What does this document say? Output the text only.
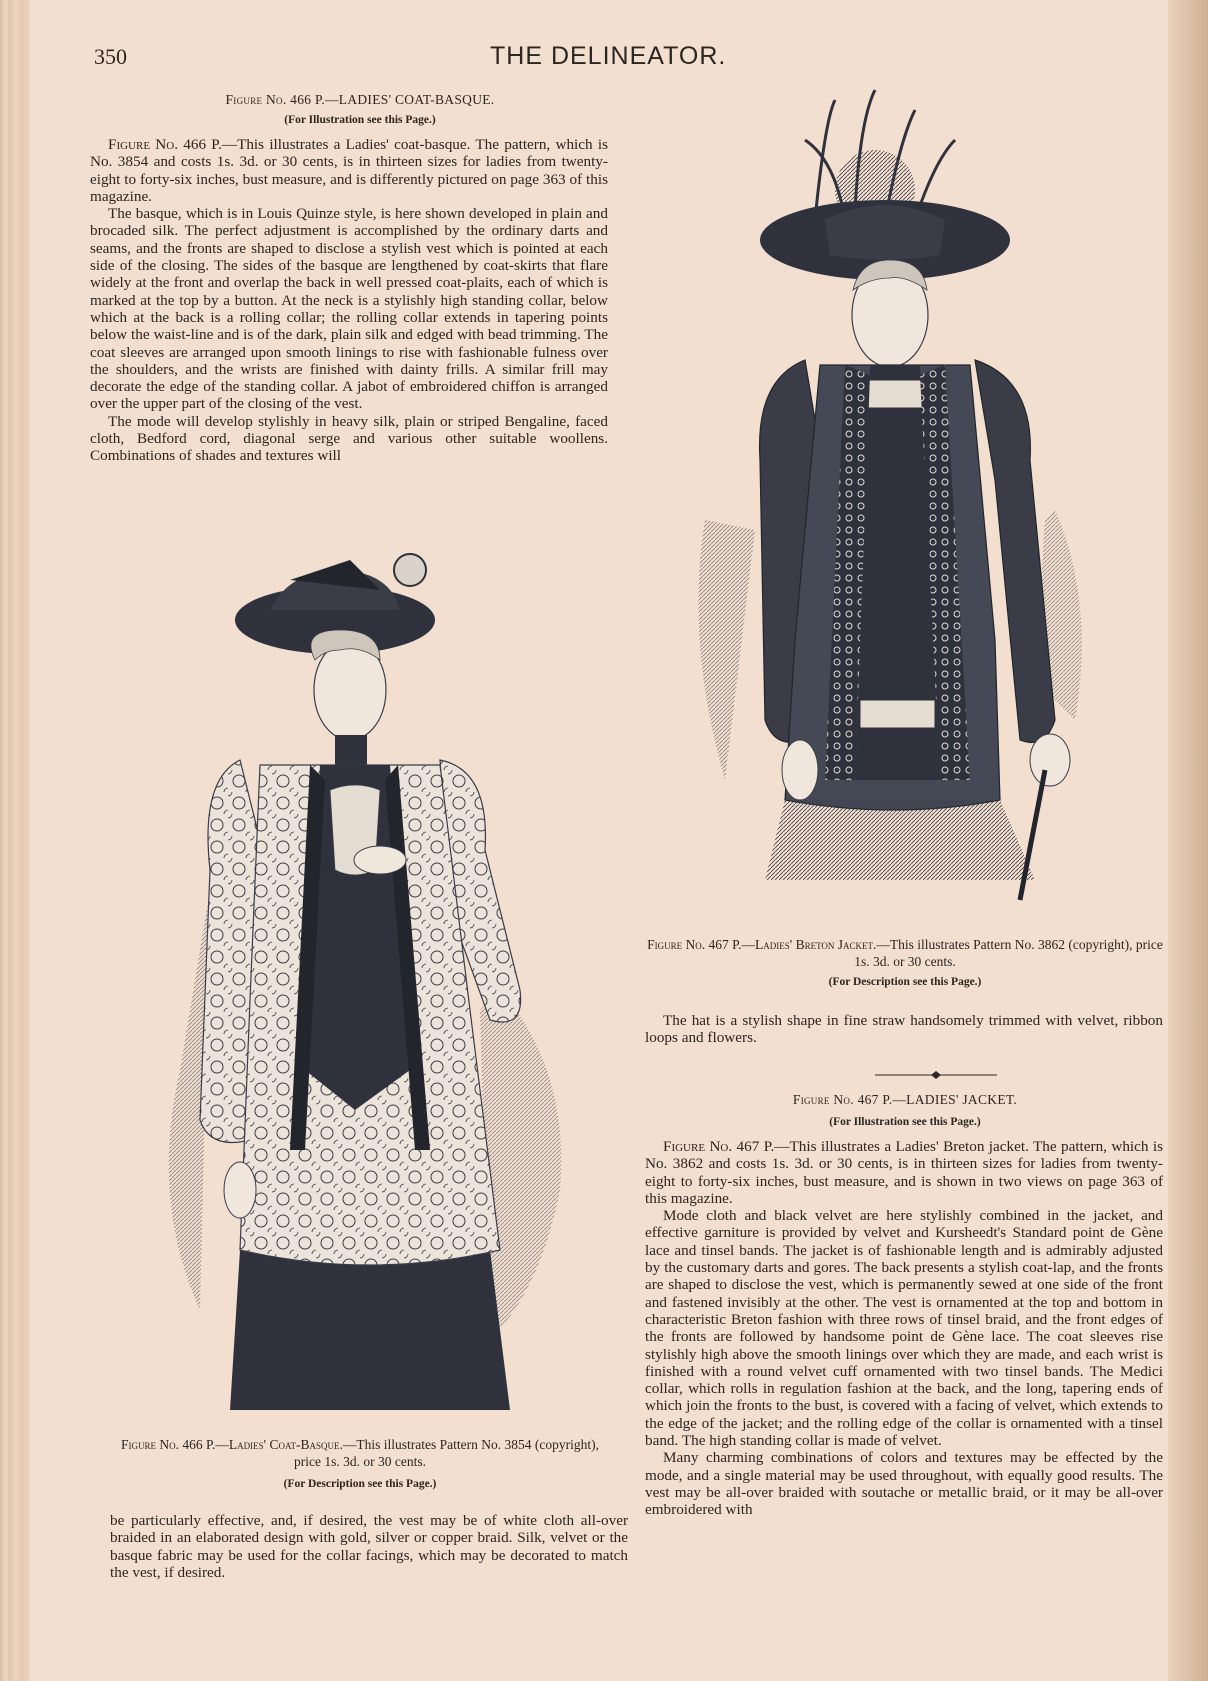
350	THE DELINEATOR.
Figure No. 466 P.—LADIES' COAT-BASQUE.
(For Illustration see this Page.)

Figure No. 466 P.—This illustrates a Ladies' coat-basque. The pattern, which is No. 3854 and costs 1s. 3d. or 30 cents, is in thirteen sizes for ladies from twenty-eight to forty-six inches, bust measure, and is differently pictured on page 363 of this magazine.

The basque, which is in Louis Quinze style, is here shown developed in plain and brocaded silk. The perfect adjustment is accomplished by the ordinary darts and seams, and the fronts are shaped to disclose a stylish vest which is pointed at each side of the closing. The sides of the basque are lengthened by coat-skirts that flare widely at the front and overlap the back in well pressed coat-plaits, each of which is marked at the top by a button. At the neck is a stylishly high standing collar, below which at the back is a rolling collar; the rolling collar extends in tapering points below the waist-line and is of the dark, plain silk and edged with bead trimming. The coat sleeves are arranged upon smooth linings to rise with fashionable fulness over the shoulders, and the wrists are finished with dainty frills. A similar frill may decorate the edge of the standing collar. A jabot of embroidered chiffon is arranged over the upper part of the closing of the vest.

The mode will develop stylishly in heavy silk, plain or striped Bengaline, faced cloth, Bedford cord, diagonal serge and various other suitable woollens. Combinations of shades and textures will

Figure No. 466 P.—Ladies' Coat-Basque.—This illustrates Pattern No. 3854 (copyright), price 1s. 3d. or 30 cents.
(For Description see this Page.)

be particularly effective, and, if desired, the vest may be of white cloth all-over braided in an elaborated design with gold, silver or copper braid. Silk, velvet or the basque fabric may be used for the collar facings, which may be decorated to match the vest, if desired.

Figure No. 467 P.—Ladies' Breton Jacket.—This illustrates Pattern No. 3862 (copyright), price 1s. 3d. or 30 cents.
(For Description see this Page.)

The hat is a stylish shape in fine straw handsomely trimmed with velvet, ribbon loops and flowers.

Figure No. 467 P.—LADIES' JACKET.
(For Illustration see this Page.)

Figure No. 467 P.—This illustrates a Ladies' Breton jacket. The pattern, which is No. 3862 and costs 1s. 3d. or 30 cents, is in thirteen sizes for ladies from twenty-eight to forty-six inches, bust measure, and is shown in two views on page 363 of this magazine.

Mode cloth and black velvet are here stylishly combined in the jacket, and effective garniture is provided by velvet and Kursheedt's Standard point de Gène lace and tinsel bands. The jacket is of fashionable length and is admirably adjusted by the customary darts and gores. The back presents a stylish coat-lap, and the fronts are shaped to disclose the vest, which is permanently sewed at one side of the front and fastened invisibly at the other. The vest is ornamented at the top and bottom in characteristic Breton fashion with three rows of tinsel braid, and the front edges of the fronts are followed by handsome point de Gène lace. The coat sleeves rise stylishly high above the smooth linings over which they are made, and each wrist is finished with a round velvet cuff ornamented with two tinsel bands. The Medici collar, which rolls in regulation fashion at the back, and the long, tapering ends of which join the fronts to the bust, is covered with a facing of velvet, which extends to the edge of the jacket; and the rolling edge of the collar is ornamented with a tinsel band. The high standing collar is made of velvet.

Many charming combinations of colors and textures may be effected by the mode, and a single material may be used throughout, with equally good results. The vest may be all-over braided with soutache or metallic braid, or it may be all-over embroidered with
